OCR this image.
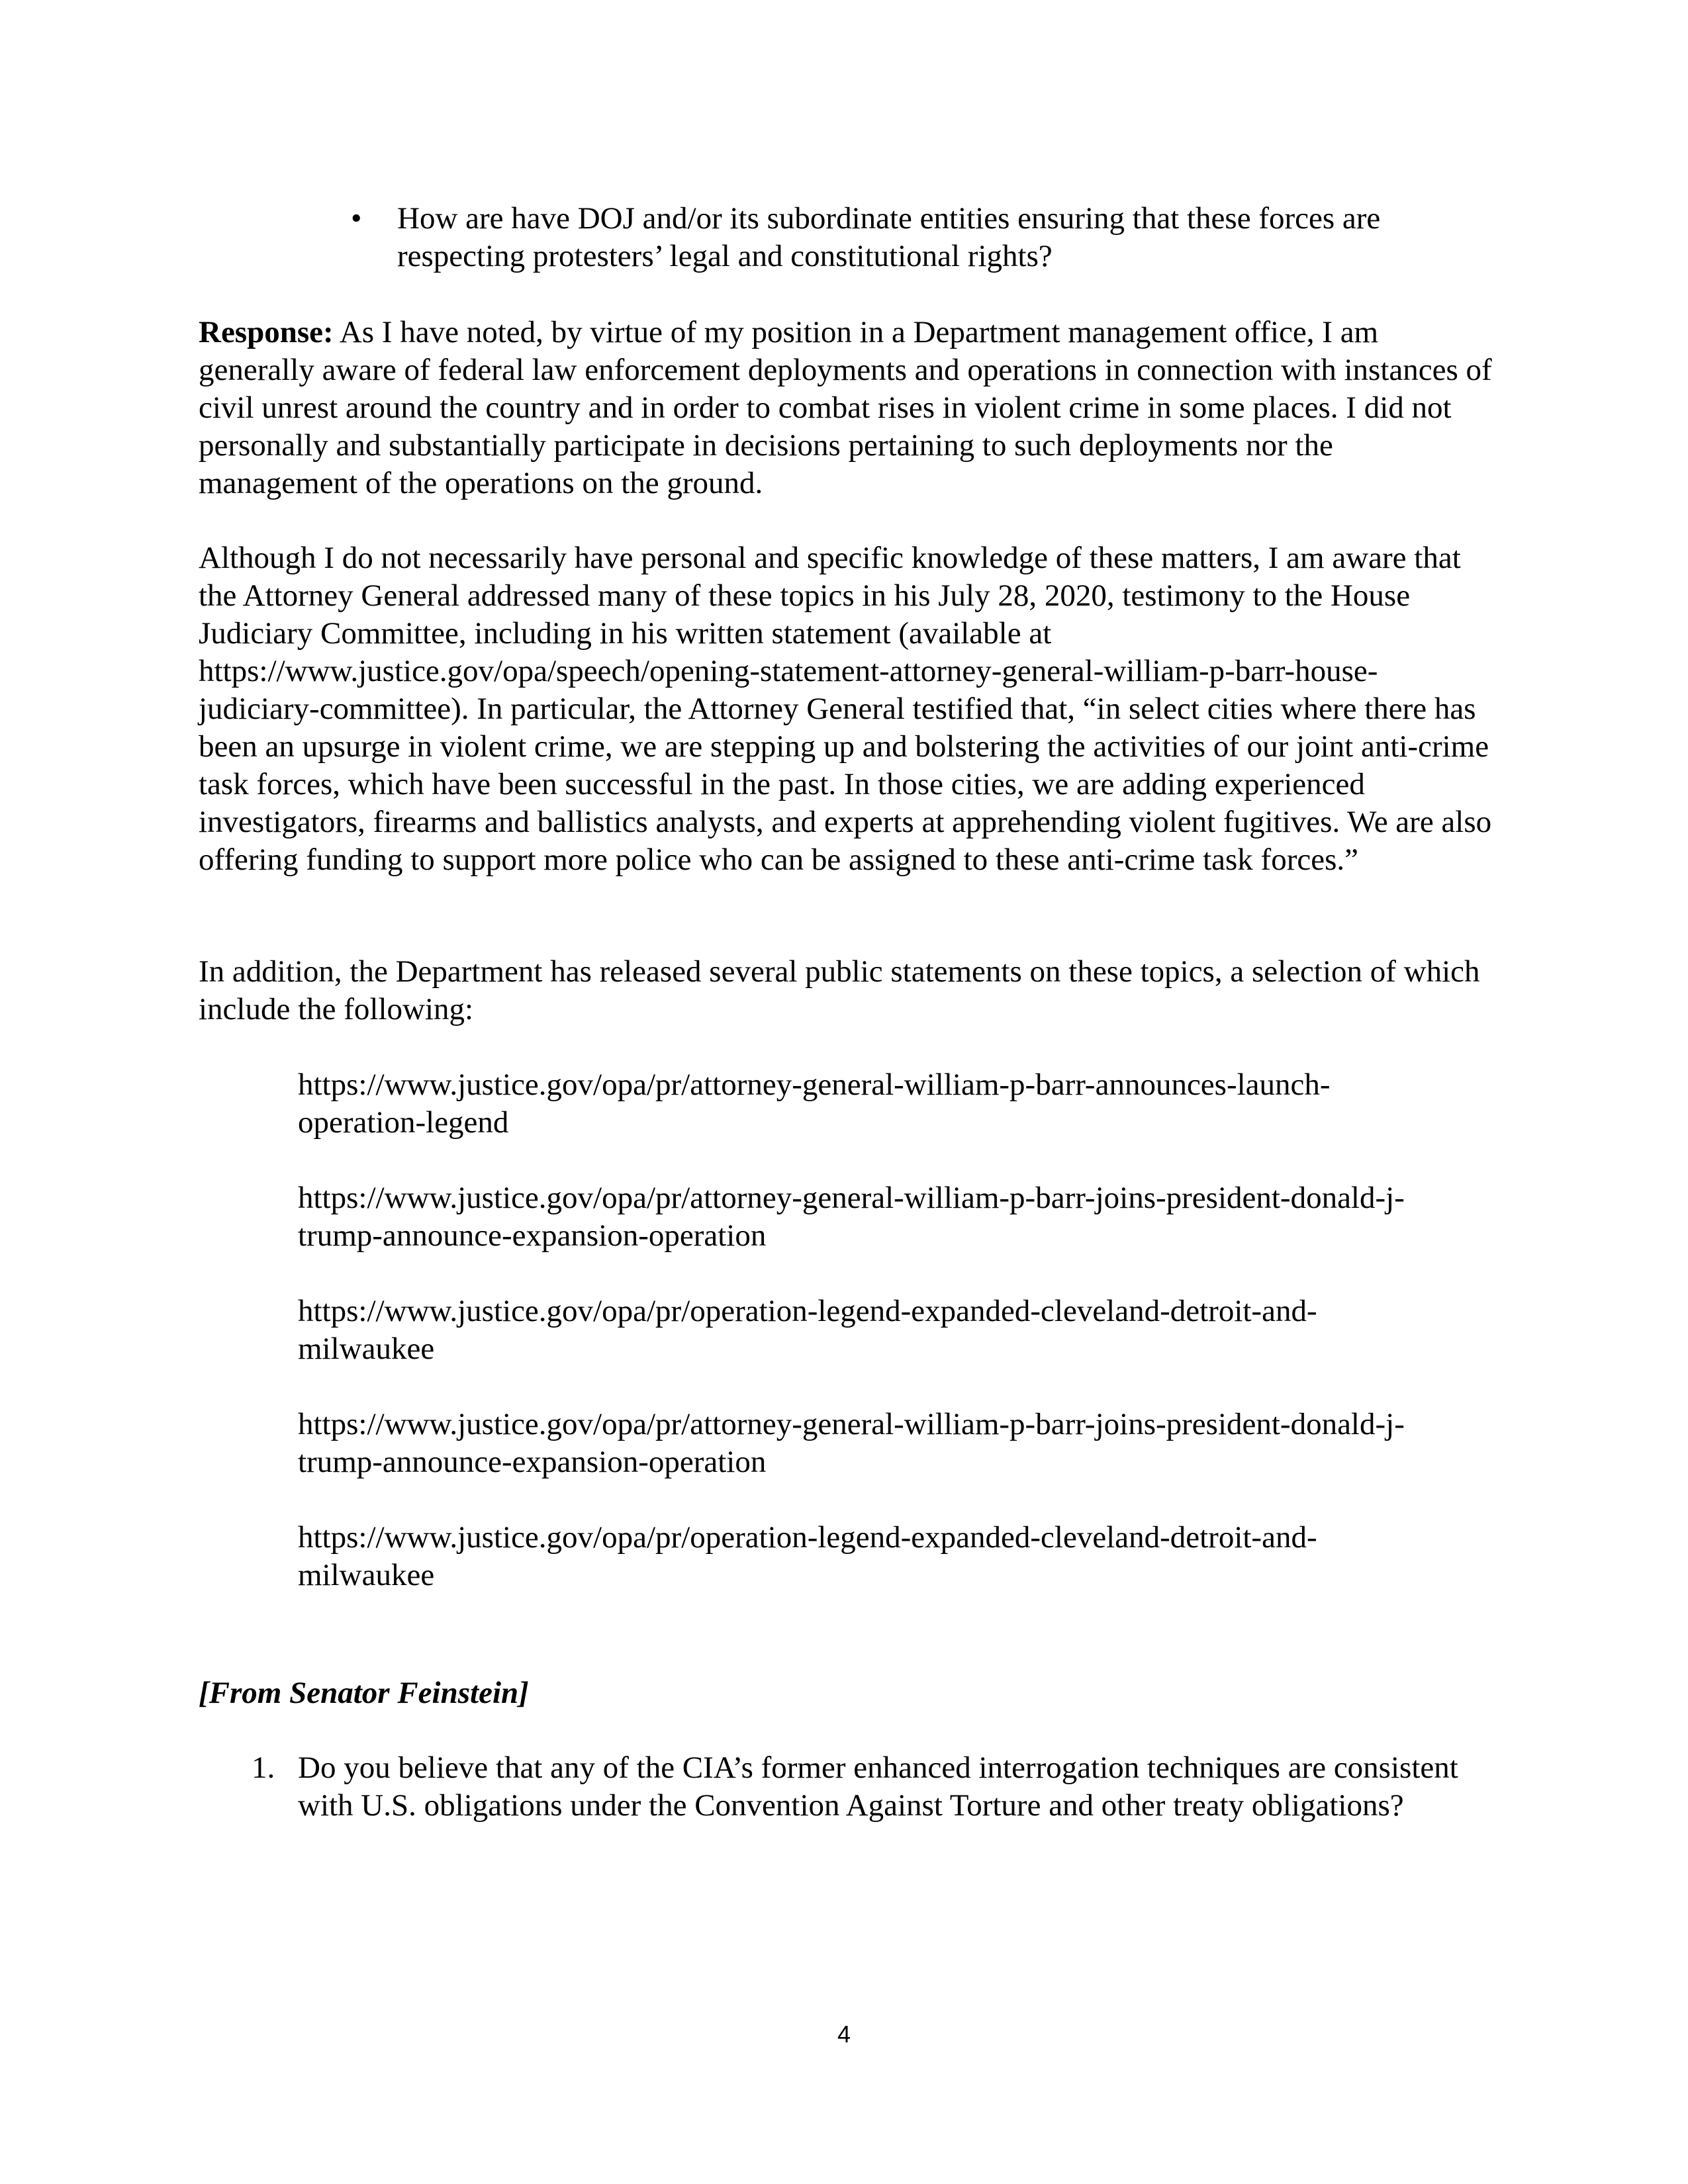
•	How are have DOJ and/or its subordinate entities ensuring that these forces are respecting protesters’ legal and constitutional rights?

Response: As I have noted, by virtue of my position in a Department management office, I am generally aware of federal law enforcement deployments and operations in connection with instances of civil unrest around the country and in order to combat rises in violent crime in some places. I did not personally and substantially participate in decisions pertaining to such deployments nor the management of the operations on the ground.

Although I do not necessarily have personal and specific knowledge of these matters, I am aware that the Attorney General addressed many of these topics in his July 28, 2020, testimony to the House Judiciary Committee, including in his written statement (available at https://www.justice.gov/opa/speech/opening-statement-attorney-general-william-p-barr-house-judiciary-committee). In particular, the Attorney General testified that, “in select cities where there has been an upsurge in violent crime, we are stepping up and bolstering the activities of our joint anti-crime task forces, which have been successful in the past. In those cities, we are adding experienced investigators, firearms and ballistics analysts, and experts at apprehending violent fugitives. We are also offering funding to support more police who can be assigned to these anti-crime task forces.”

In addition, the Department has released several public statements on these topics, a selection of which include the following:

https://www.justice.gov/opa/pr/attorney-general-william-p-barr-announces-launch-
operation-legend
https://www.justice.gov/opa/pr/attorney-general-william-p-barr-joins-president-donald-j-
trump-announce-expansion-operation
https://www.justice.gov/opa/pr/operation-legend-expanded-cleveland-detroit-and-
milwaukee
https://www.justice.gov/opa/pr/attorney-general-william-p-barr-joins-president-donald-j-
trump-announce-expansion-operation
https://www.justice.gov/opa/pr/operation-legend-expanded-cleveland-detroit-and-
milwaukee
[From Senator Feinstein]
1. Do you believe that any of the CIA’s former enhanced interrogation techniques are consistent with U.S. obligations under the Convention Against Torture and other treaty obligations?
4
